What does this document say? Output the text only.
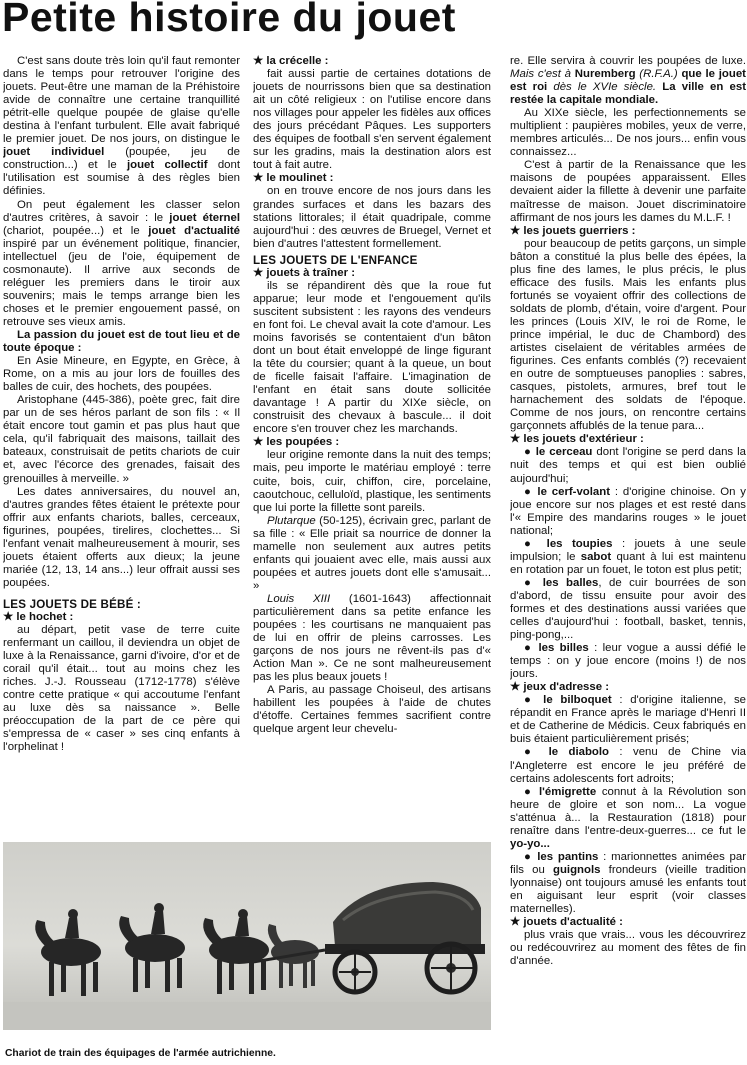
Petite histoire du jouet

C'est sans doute très loin qu'il faut remonter dans le temps pour retrouver l'origine des jouets. Peut-être une maman de la Préhistoire avide de connaître une certaine tranquillité pétrit-elle quelque poupée de glaise qu'elle destina à l'enfant turbulent. Elle avait fabriqué le premier jouet. De nos jours, on distingue le jouet individuel (poupée, jeu de construction...) et le jouet collectif dont l'utilisation est soumise à des règles bien définies.

On peut également les classer selon d'autres critères, à savoir : le jouet éternel (chariot, poupée...) et le jouet d'actualité inspiré par un événement politique, financier, intellectuel (jeu de l'oie, équipement de cosmonaute). Il arrive aux seconds de reléguer les premiers dans le tiroir aux souvenirs; mais le temps arrange bien les choses et le premier engouement passé, on retrouve ses vieux amis.

La passion du jouet est de tout lieu et de toute époque :

En Asie Mineure, en Egypte, en Grèce, à Rome, on a mis au jour lors de fouilles des balles de cuir, des hochets, des poupées.

Aristophane (445-386), poète grec, fait dire par un de ses héros parlant de son fils : « Il était encore tout gamin et pas plus haut que cela, qu'il fabriquait des maisons, taillait des bateaux, construisait de petits chariots de cuir et, avec l'écorce des grenades, faisait des grenouilles à merveille. »

Les dates anniversaires, du nouvel an, d'autres grandes fêtes étaient le prétexte pour offrir aux enfants chariots, balles, cerceaux, figurines, poupées, tirelires, clochettes... Si l'enfant venait malheureusement à mourir, ses jouets étaient offerts aux dieux; la jeune mariée (12, 13, 14 ans...) leur offrait aussi ses poupées.

LES JOUETS DE BÉBÉ :

★ le hochet :

au départ, petit vase de terre cuite renfermant un caillou, il deviendra un objet de luxe à la Renaissance, garni d'ivoire, d'or et de corail qu'il était... tout au moins chez les riches. J.-J. Rousseau (1712-1778) s'élève contre cette pratique « qui accoutume l'enfant au luxe dès sa naissance ». Belle préoccupation de la part de ce père qui s'empressa de « caser » ses cinq enfants à l'orphelinat !

★ la crécelle :

fait aussi partie de certaines dotations de jouets de nourrissons bien que sa destination ait un côté religieux : on l'utilise encore dans nos villages pour appeler les fidèles aux offices des jours précédant Pâques. Les supporters des équipes de football s'en servent également sur les gradins, mais la destination alors est tout à fait autre.

★ le moulinet :

on en trouve encore de nos jours dans les grandes surfaces et dans les bazars des stations littorales; il était quadripale, comme aujourd'hui : des œuvres de Bruegel, Vernet et bien d'autres l'attestent formellement.

LES JOUETS DE L'ENFANCE

★ jouets à traîner :

ils se répandirent dès que la roue fut apparue; leur mode et l'engouement qu'ils suscitent subsistent : les rayons des vendeurs en font foi. Le cheval avait la cote d'amour. Les moins favorisés se contentaient d'un bâton dont un bout était enveloppé de linge figurant la tête du coursier; quant à la queue, un bout de ficelle faisait l'affaire. L'imagination de l'enfant en était sans doute sollicitée davantage ! A partir du XIXe siècle, on construisit des chevaux à bascule... il doit encore s'en trouver chez les marchands.

★ les poupées :

leur origine remonte dans la nuit des temps; mais, peu importe le matériau employé : terre cuite, bois, cuir, chiffon, cire, porcelaine, caoutchouc, celluloïd, plastique, les sentiments que lui porte la fillette sont pareils.

Plutarque (50-125), écrivain grec, parlant de sa fille : « Elle priait sa nourrice de donner la mamelle non seulement aux autres petits enfants qui jouaient avec elle, mais aussi aux poupées et autres jouets dont elle s'amusait... »

Louis XIII (1601-1643) affectionnait particulièrement dans sa petite enfance les poupées : les courtisans ne manquaient pas de lui en offrir de pleins carrosses. Les garçons de nos jours ne rêvent-ils pas d'« Action Man ». Ce ne sont malheureusement pas les plus beaux jouets !

A Paris, au passage Choiseul, des artisans habillent les poupées à l'aide de chutes d'étoffe. Certaines femmes sacrifient contre quelque argent leur chevelu-

re. Elle servira à couvrir les poupées de luxe. Mais c'est à Nuremberg (R.F.A.) que le jouet est roi dès le XVIe siècle. La ville en est restée la capitale mondiale.

Au XIXe siècle, les perfectionnements se multiplient : paupières mobiles, yeux de verre, membres articulés... De nos jours... enfin vous connaissez...

C'est à partir de la Renaissance que les maisons de poupées apparaissent. Elles devaient aider la fillette à devenir une parfaite maîtresse de maison. Jouet discriminatoire affirmant de nos jours les dames du M.L.F. !

★ les jouets guerriers :

pour beaucoup de petits garçons, un simple bâton a constitué la plus belle des épées, la plus fine des lames, le plus précis, le plus efficace des fusils. Mais les enfants plus fortunés se voyaient offrir des collections de soldats de plomb, d'étain, voire d'argent. Pour les princes (Louis XIV, le roi de Rome, le prince impérial, le duc de Chambord) des artistes ciselaient de véritables armées de figurines. Ces enfants comblés (?) recevaient en outre de somptueuses panoplies : sabres, casques, pistolets, armures, bref tout le harnachement des soldats de l'époque. Comme de nos jours, on rencontre certains garçonnets affublés de la tenue para...

★ les jouets d'extérieur :

● le cerceau dont l'origine se perd dans la nuit des temps et qui est bien oublié aujourd'hui;

● le cerf-volant : d'origine chinoise. On y joue encore sur nos plages et est resté dans l'« Empire des mandarins rouges » le jouet national;

● les toupies : jouets à une seule impulsion; le sabot quant à lui est maintenu en rotation par un fouet, le toton est plus petit;

● les balles, de cuir bourrées de son d'abord, de tissu ensuite pour avoir des formes et des destinations aussi variées que celles d'aujourd'hui : football, basket, tennis, ping-pong,...

● les billes : leur vogue a aussi défié le temps : on y joue encore (moins !) de nos jours.

★ jeux d'adresse :

● le bilboquet : d'origine italienne, se répandit en France après le mariage d'Henri II et de Catherine de Médicis. Ceux fabriqués en buis étaient particulièrement prisés;

● le diabolo : venu de Chine via l'Angleterre est encore le jeu préféré de certains adolescents fort adroits;

● l'émigrette connut à la Révolution son heure de gloire et son nom... La vogue s'atténua à... la Restauration (1818) pour renaître dans l'entre-deux-guerres... ce fut le yo-yo...

● les pantins : marionnettes animées par fils ou guignols frondeurs (vieille tradition lyonnaise) ont toujours amusé les enfants tout en aiguisant leur esprit (voir classes maternelles).

★ jouets d'actualité :

plus vrais que vrais... vous les découvrirez ou redécouvrirez au moment des fêtes de fin d'année.

Chariot de train des équipages de l'armée autrichienne.
